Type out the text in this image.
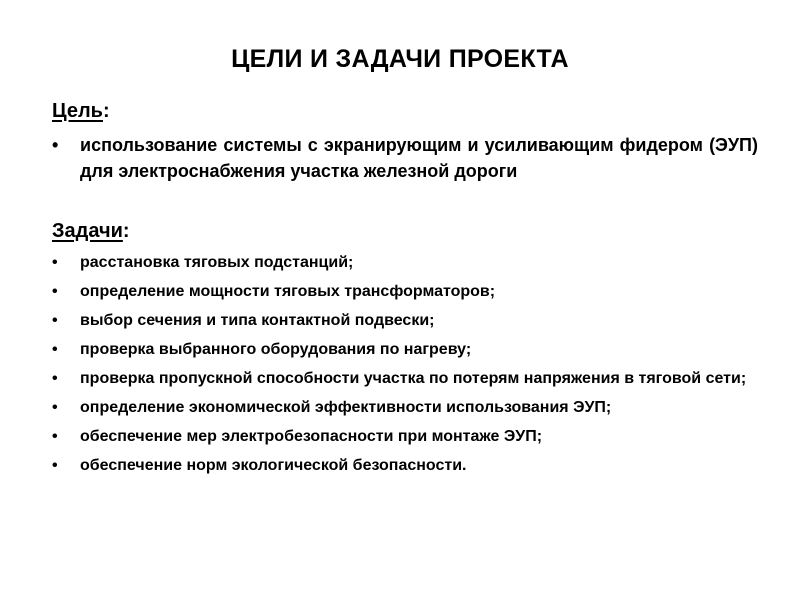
ЦЕЛИ И ЗАДАЧИ ПРОЕКТА
Цель:
• использование системы с экранирующим и усиливающим фидером (ЭУП) для электроснабжения участка железной дороги
Задачи:
• расстановка тяговых подстанций;
• определение мощности тяговых трансформаторов;
• выбор сечения и типа контактной подвески;
• проверка выбранного оборудования по нагреву;
• проверка пропускной способности участка по потерям напряжения в тяговой сети;
• определение экономической эффективности использования ЭУП;
• обеспечение мер электробезопасности при монтаже ЭУП;
• обеспечение норм экологической безопасности.
